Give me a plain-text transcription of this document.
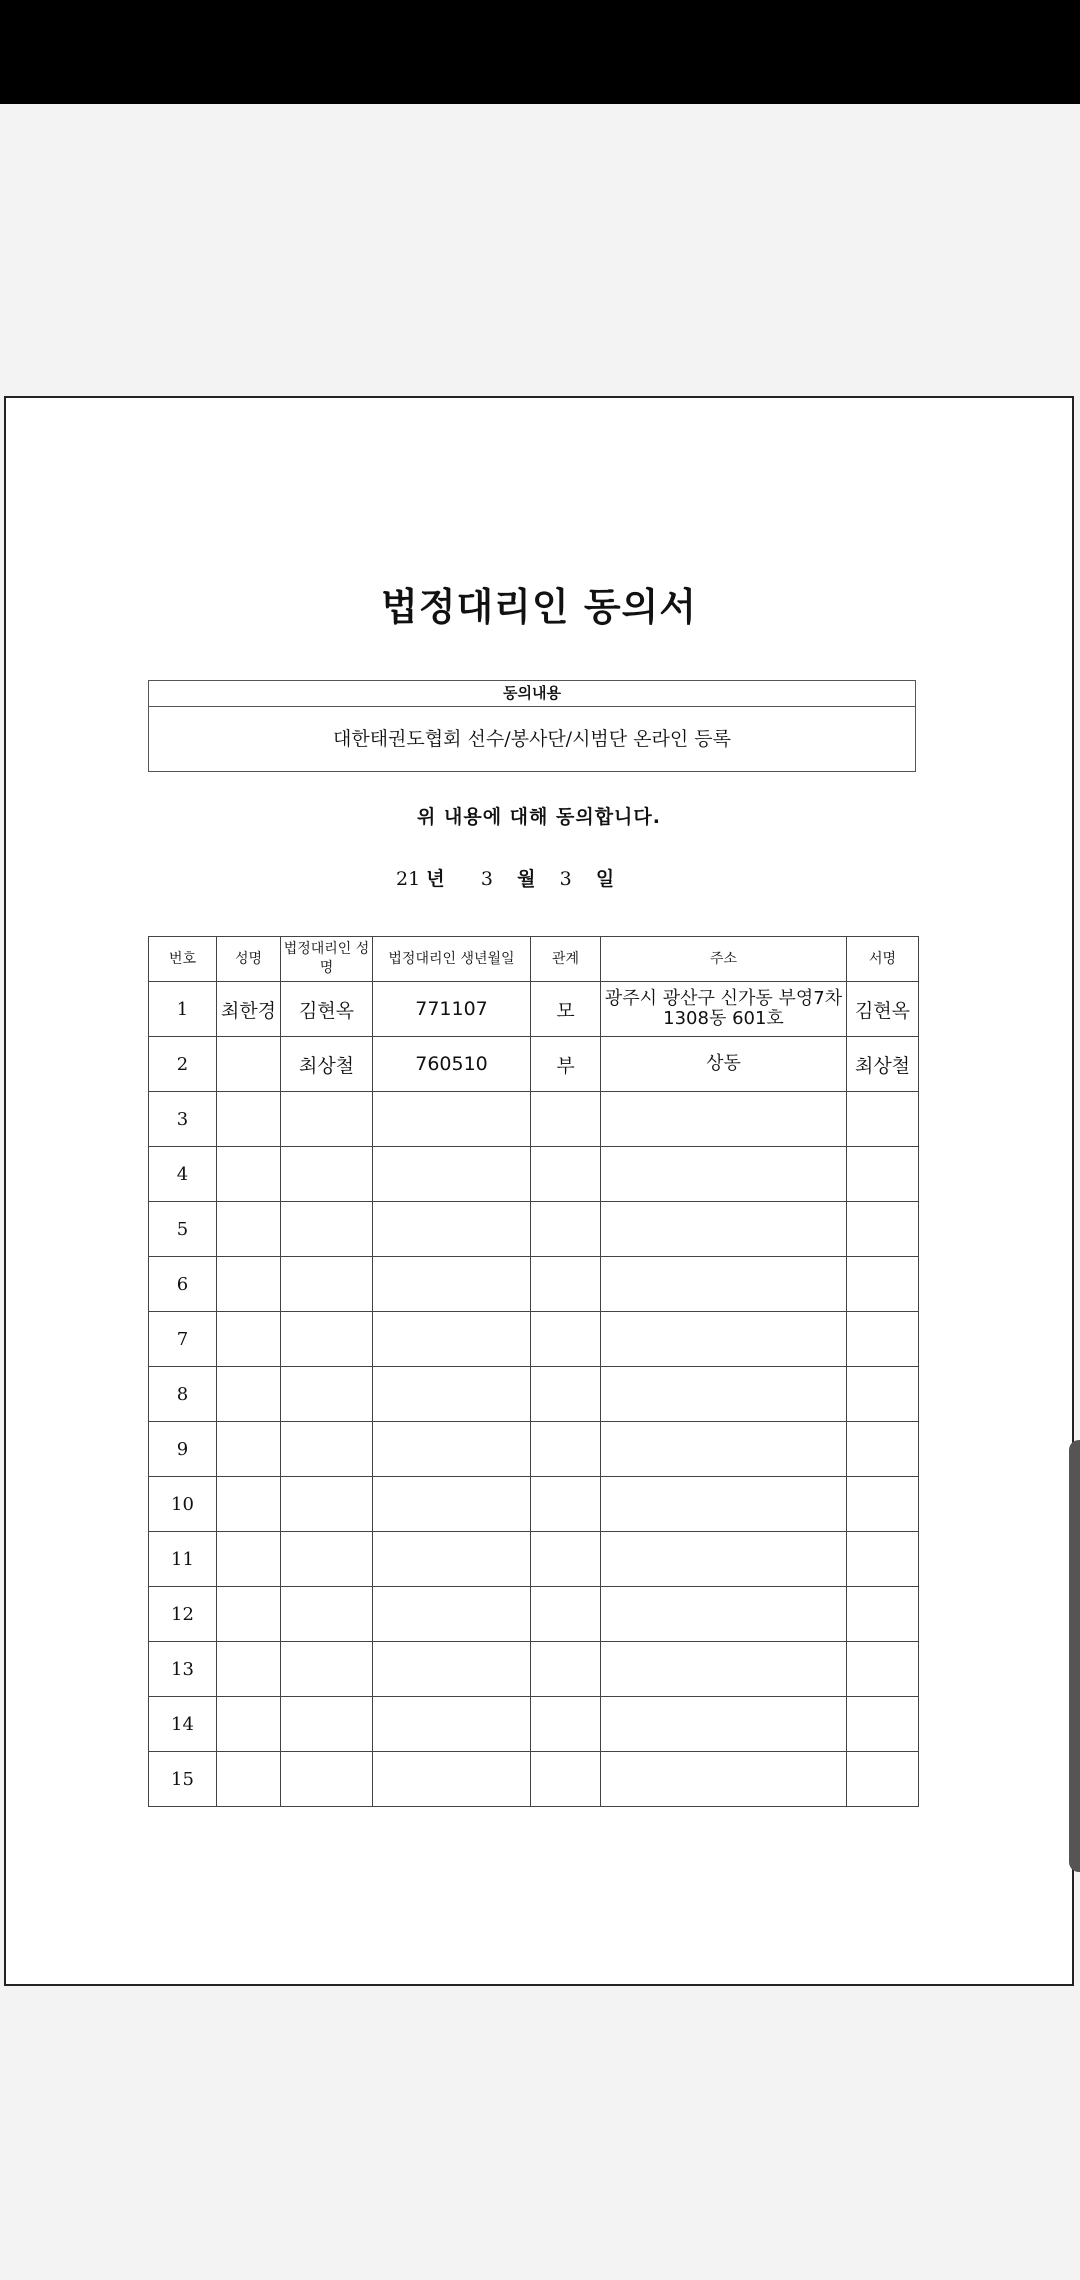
법정대리인 동의서
동의내용
대한태권도협회 선수/봉사단/시범단 온라인 등록
위 내용에 대해 동의합니다.
21 년 3 월 3 일
번호	성명	법정대리인 성명	법정대리인 생년월일	관계	주소	서명
1	최한경	김현옥	771107	모	광주시 광산구 신가동 부영7차 1308동 601호	김현옥
2		최상철	760510	부	상동	최상철
3						
4						
5						
6						
7						
8						
9						
10						
11						
12						
13						
14						
15						
